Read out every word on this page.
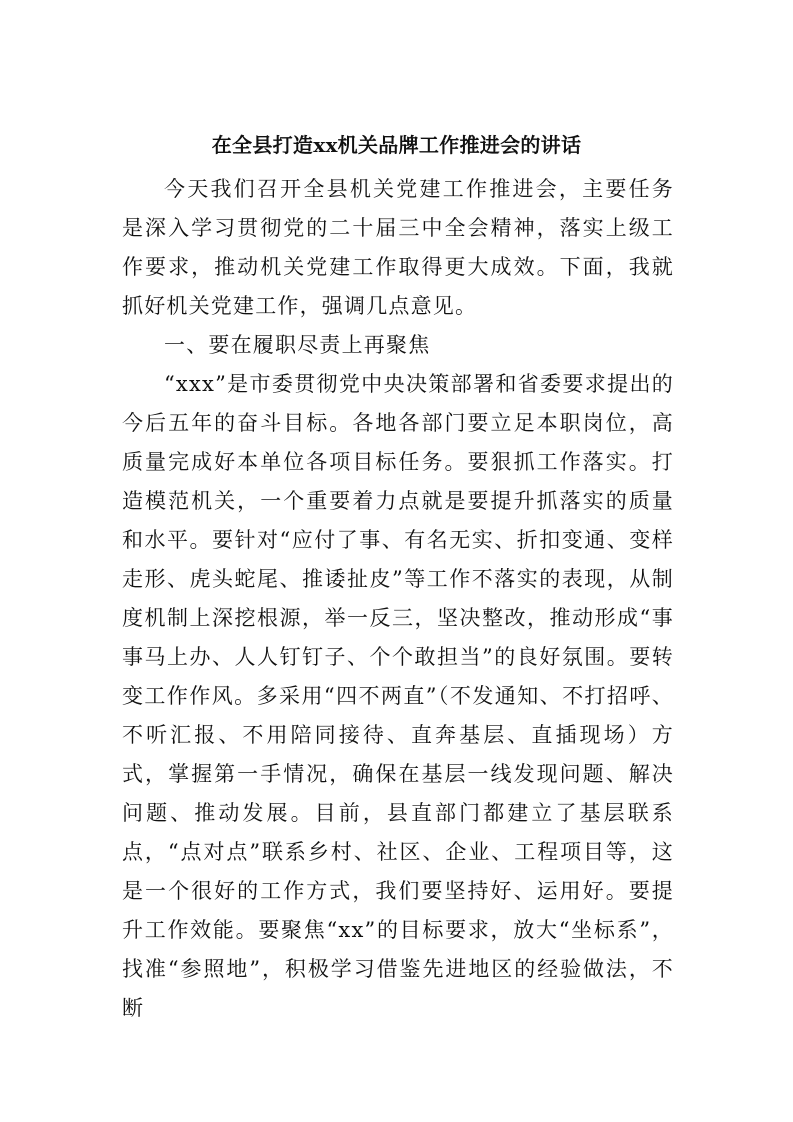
在全县打造xx机关品牌工作推进会的讲话

今天我们召开全县机关党建工作推进会，主要任务是深入学习贯彻党的二十届三中全会精神，落实上级工作要求，推动机关党建工作取得更大成效。下面，我就抓好机关党建工作，强调几点意见。

一、要在履职尽责上再聚焦

“xxx”是市委贯彻党中央决策部署和省委要求提出的今后五年的奋斗目标。各地各部门要立足本职岗位，高质量完成好本单位各项目标任务。要狠抓工作落实。打造模范机关，一个重要着力点就是要提升抓落实的质量和水平。要针对“应付了事、有名无实、折扣变通、变样走形、虎头蛇尾、推诿扯皮”等工作不落实的表现，从制度机制上深挖根源，举一反三，坚决整改，推动形成“事事马上办、人人钉钉子、个个敢担当”的良好氛围。要转变工作作风。多采用“四不两直”（不发通知、不打招呼、不听汇报、不用陪同接待、直奔基层、直插现场）方式，掌握第一手情况，确保在基层一线发现问题、解决问题、推动发展。目前，县直部门都建立了基层联系点，“点对点”联系乡村、社区、企业、工程项目等，这是一个很好的工作方式，我们要坚持好、运用好。要提升工作效能。要聚焦“xx”的目标要求，放大“坐标系”，找准“参照地”，积极学习借鉴先进地区的经验做法，不断
